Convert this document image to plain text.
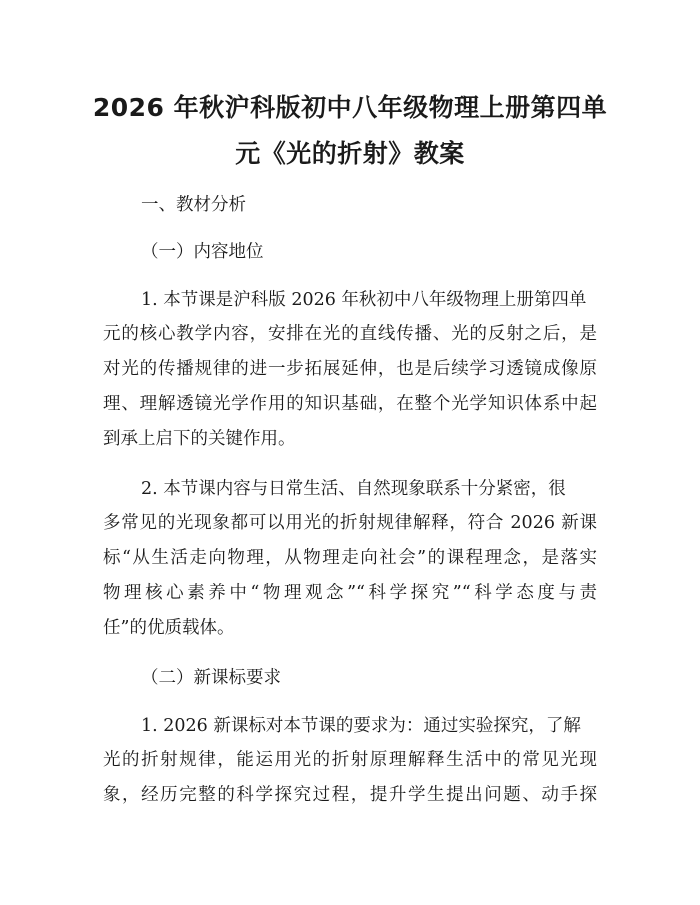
2026 年秋沪科版初中八年级物理上册第四单
元《光的折射》教案

一、教材分析

（一）内容地位

1. 本节课是沪科版 2026 年秋初中八年级物理上册第四单

元的核心教学内容，安排在光的直线传播、光的反射之后，是

对光的传播规律的进一步拓展延伸，也是后续学习透镜成像原

理、理解透镜光学作用的知识基础，在整个光学知识体系中起

到承上启下的关键作用。

2. 本节课内容与日常生活、自然现象联系十分紧密，很

多常见的光现象都可以用光的折射规律解释，符合 2026 新课

标“从生活走向物理，从物理走向社会”的课程理念，是落实

物理核心素养中“物理观念”“科学探究”“科学态度与责

任”的优质载体。

（二）新课标要求

1. 2026 新课标对本节课的要求为：通过实验探究，了解

光的折射规律，能运用光的折射原理解释生活中的常见光现

象，经历完整的科学探究过程，提升学生提出问题、动手探
